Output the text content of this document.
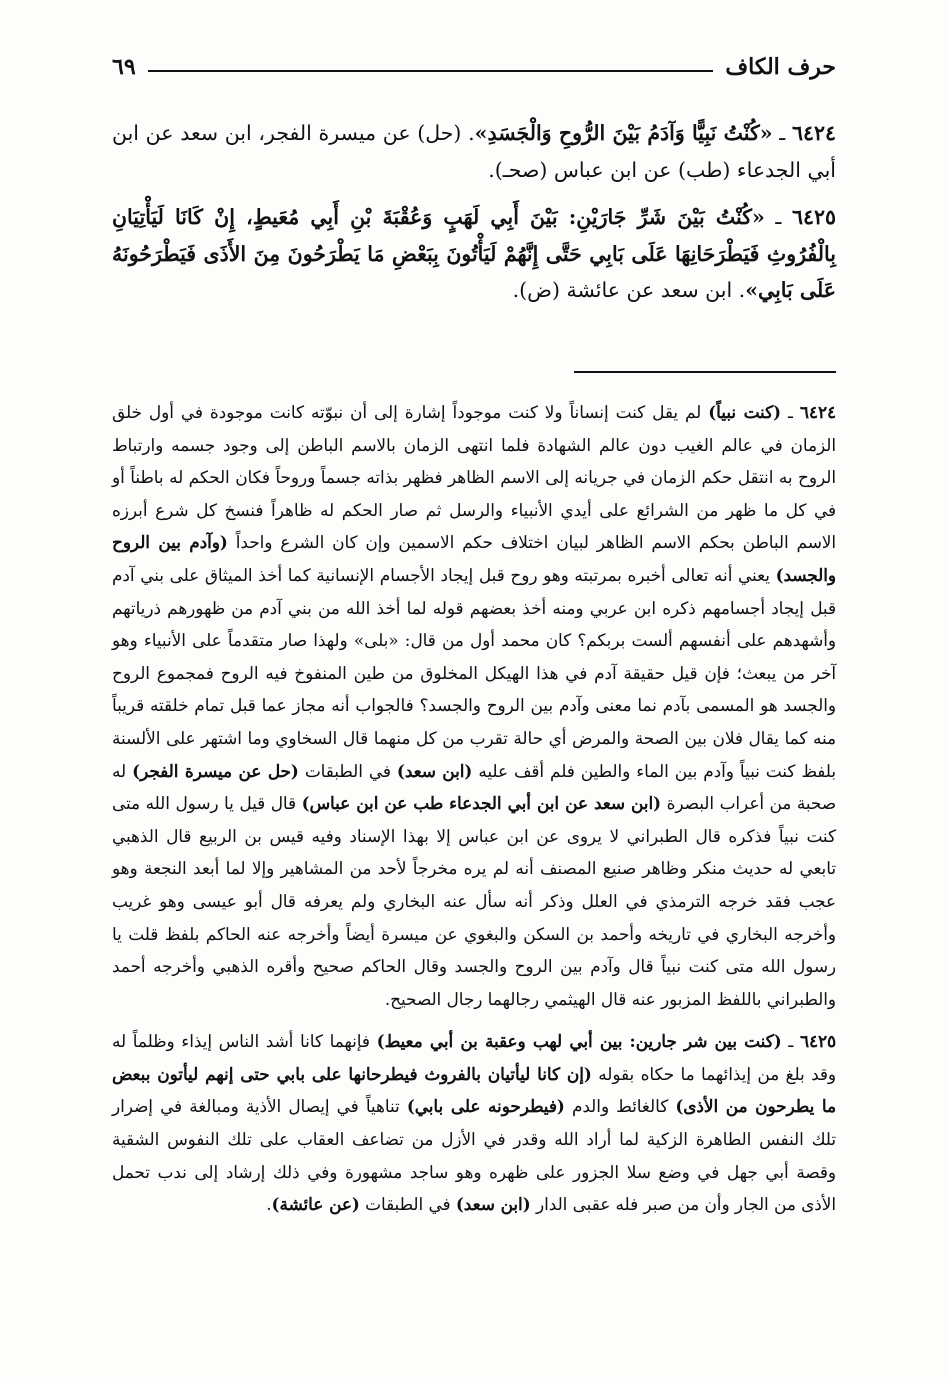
حرف الكاف
٦٩

٦٤٢٤ ـ «كُنْتُ نَبِيًّا وَآدَمُ بَيْنَ الرُّوحِ وَالْجَسَدِ». (حل) عن ميسرة الفجر، ابن سعد عن ابن أبي الجدعاء (طب) عن ابن عباس (صحـ).

٦٤٢٥ ـ «كُنْتُ بَيْنَ شَرِّ جَارَيْنِ: بَيْنَ أَبِي لَهَبٍ وَعُقْبَةَ بْنِ أَبِي مُعَيطٍ، إِنْ كَانَا لَيَأْتِيَانِ بِالْفُرُوثِ فَيَطْرَحَانِهَا عَلَى بَابِي حَتَّى إِنَّهُمْ لَيَأْتُونَ بِبَعْضِ مَا يَطْرَحُونَ مِنَ الأَذَى فَيَطْرَحُونَهُ عَلَى بَابِي». ابن سعد عن عائشة (ض).

٦٤٢٤ ـ (كنت نبياً) لم يقل كنت إنساناً ولا كنت موجوداً إشارة إلى أن نبوّته كانت موجودة في أول خلق الزمان في عالم الغيب دون عالم الشهادة فلما انتهى الزمان بالاسم الباطن إلى وجود جسمه وارتباط الروح به انتقل حكم الزمان في جريانه إلى الاسم الظاهر فظهر بذاته جسماً وروحاً فكان الحكم له باطناً أو في كل ما ظهر من الشرائع على أيدي الأنبياء والرسل ثم صار الحكم له ظاهراً فنسخ كل شرع أبرزه الاسم الباطن بحكم الاسم الظاهر لبيان اختلاف حكم الاسمين وإن كان الشرع واحداً (وآدم بين الروح والجسد) يعني أنه تعالى أخبره بمرتبته وهو روح قبل إيجاد الأجسام الإنسانية كما أخذ الميثاق على بني آدم قبل إيجاد أجسامهم ذكره ابن عربي ومنه أخذ بعضهم قوله لما أخذ الله من بني آدم من ظهورهم ذرياتهم وأشهدهم على أنفسهم ألست بربكم؟ كان محمد أول من قال: «بلى» ولهذا صار متقدماً على الأنبياء وهو آخر من يبعث؛ فإن قيل حقيقة آدم في هذا الهيكل المخلوق من طين المنفوخ فيه الروح فمجموع الروح والجسد هو المسمى بآدم نما معنى وآدم بين الروح والجسد؟ فالجواب أنه مجاز عما قبل تمام خلقته قريباً منه كما يقال فلان بين الصحة والمرض أي حالة تقرب من كل منهما قال السخاوي وما اشتهر على الألسنة بلفظ كنت نبياً وآدم بين الماء والطين فلم أقف عليه (ابن سعد) في الطبقات (حل عن ميسرة الفجر) له صحبة من أعراب البصرة (ابن سعد عن ابن أبي الجدعاء طب عن ابن عباس) قال قيل يا رسول الله متى كنت نبياً فذكره قال الطبراني لا يروى عن ابن عباس إلا بهذا الإسناد وفيه قيس بن الربيع قال الذهبي تابعي له حديث منكر وظاهر صنيع المصنف أنه لم يره مخرجاً لأحد من المشاهير وإلا لما أبعد النجعة وهو عجب فقد خرجه الترمذي في العلل وذكر أنه سأل عنه البخاري ولم يعرفه قال أبو عيسى وهو غريب وأخرجه البخاري في تاريخه وأحمد بن السكن والبغوي عن ميسرة أيضاً وأخرجه عنه الحاكم بلفظ قلت يا رسول الله متى كنت نبياً قال وآدم بين الروح والجسد وقال الحاكم صحيح وأقره الذهبي وأخرجه أحمد والطبراني باللفظ المزبور عنه قال الهيثمي رجالهما رجال الصحيح.

٦٤٢٥ ـ (كنت بين شر جارين: بين أبي لهب وعقبة بن أبي معيط) فإنهما كانا أشد الناس إيذاء وظلماً له وقد بلغ من إيذائهما ما حكاه بقوله (إن كانا ليأتيان بالفروث فيطرحانها على بابي حتى إنهم ليأتون ببعض ما يطرحون من الأذى) كالغائط والدم (فيطرحونه على بابي) تناهياً في إيصال الأذية ومبالغة في إضرار تلك النفس الطاهرة الزكية لما أراد الله وقدر في الأزل من تضاعف العقاب على تلك النفوس الشقية وقصة أبي جهل في وضع سلا الجزور على ظهره وهو ساجد مشهورة وفي ذلك إرشاد إلى ندب تحمل الأذى من الجار وأن من صبر فله عقبى الدار (ابن سعد) في الطبقات (عن عائشة).
